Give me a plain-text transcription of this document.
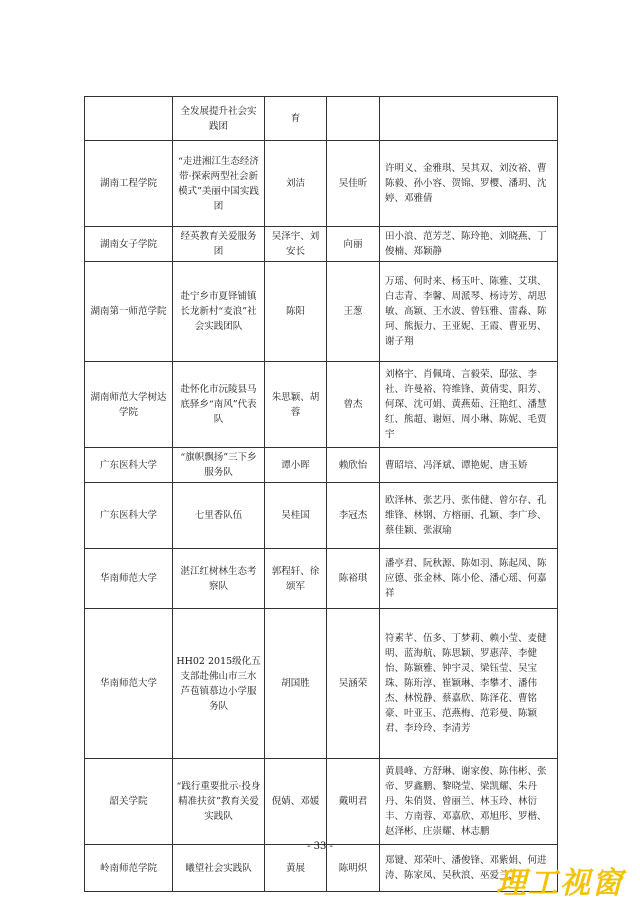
	全发展提升社会实践团	育		
湖南工程学院	“走进湘江生态经济带·探索两型社会新模式”美丽中国实践团	刘洁	吴佳昕	许明义、金雅琪、吴其双、刘汝裕、曹陈毅、孙小容、贺锦、罗樱、潘玥、沈婷、邓雅倩
湖南女子学院	经英教育关爱服务团	吴泽宇、刘安长	向丽	田小浪、范芳芝、陈玲艳、刘晓燕、丁俊楠、郑颖静
湖南第一师范学院	赴宁乡市夏铎铺镇长龙新村“麦浪”社会实践团队	陈阳	王葱	万瑶、何时来、杨玉叶、陈雅、艾琪、白志青、李馨、周派琴、杨诗芳、胡思敏、高颖、王水波、曾钰雅、雷淼、陈珂、熊振力、王亚妮、王霞、曹亚男、谢子翔
湖南师范大学树达学院	赴怀化市沅陵县马底驿乡“南风”代表队	朱思颖、胡蓉	曾杰	刘格宇、肖佩琦、言毅荣、邸弦、李社、许曼裕、符维锋、黄倩雯、阳芳、何琛、沈可娟、黄燕茹、汪艳红、潘慧红、熊超、谢姮、周小琳、陈妮、毛贾宇
广东医科大学	“旗帜飘扬”三下乡服务队	谭小晖	赖欣怡	曹昭培、冯泽斌、谭艳妮、唐玉娇
广东医科大学	七里香队伍	吴桂国	李冠杰	欧泽林、张艺丹、张伟健、曾尔存、孔维锋、林钢、方榕丽、孔颖、李广珍、蔡佳颖、张淑瑜
华南师范大学	湛江红树林生态考察队	郭程轩、徐颂军	陈裕琪	潘亭君、阮秋源、陈如羽、陈起凤、陈应德、张金林、陈小伦、潘心瑶、何嘉祥
华南师范大学	HH02 2015级化五支部赴佛山市三水芦苞镇慕边小学服务队	胡国胜	吴涵荣	符素芊、伍多、丁梦莉、赖小莹、麦健明、蓝海航、陈思颖、罗惠萍、李健怡、陈颖雅、钟宇灵、梁钰莹、吴宝珠、陈珩淳、崔颖琳、李攀才、潘伟杰、林悦静、蔡嘉欣、陈泽花、曹铭豪、叶亚玉、范燕梅、范彩曼、陈颖君、李玲玲、李清芳
韶关学院	“践行重要批示·投身精准扶贫”教育关爱实践队	倪婧、邓媛	戴明君	黄晨峰、方舒琳、谢家俊、陈伟彬、张帝、罗鑫鹏、黎晓莹、梁凯耀、朱丹丹、朱俏贤、曾丽兰、林玉玲、林衍丰、方南蓉、邓嘉欣、邓旭彤、罗楷、赵泽彬、庄崇耀、林志鹏
岭南师范学院	曦望社会实践队	黄展	陈明炽	郑键、郑荣叶、潘俊锋、邓紫娟、何进涛、陈家凤、吴秋浪、巫爱兰、
- 33 -
理工视窗
